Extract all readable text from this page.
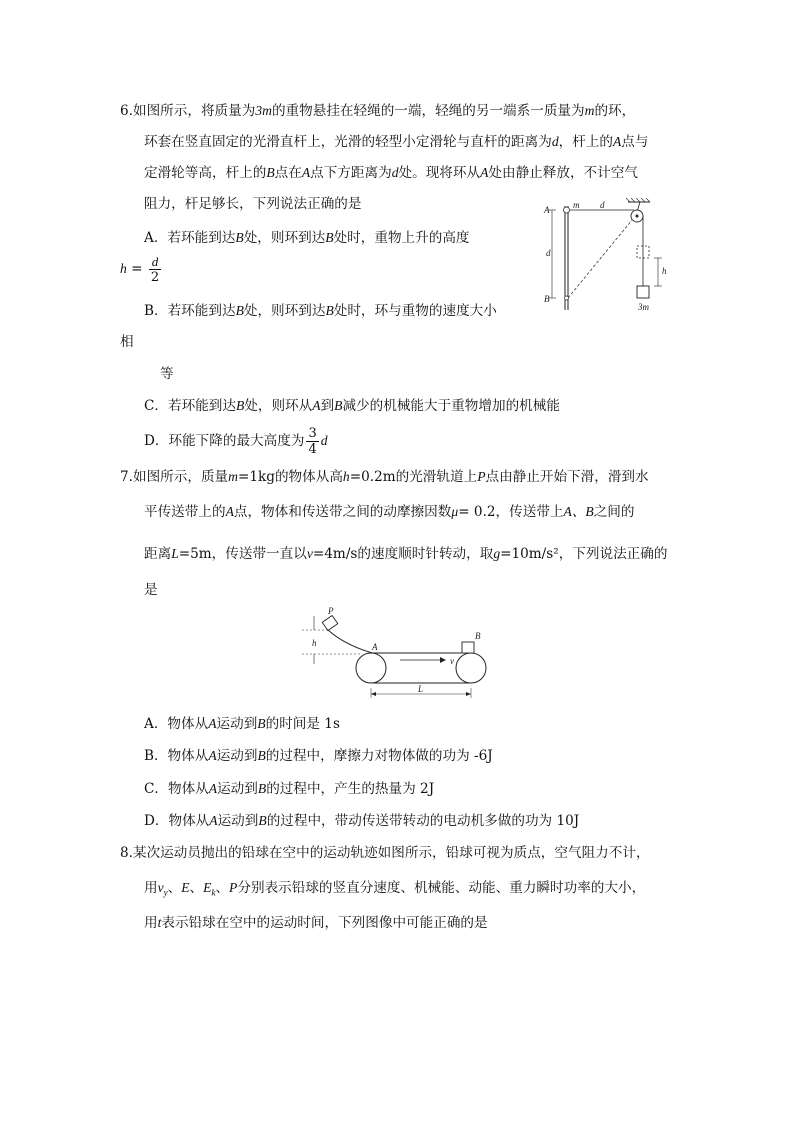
6.如图所示，将质量为3m的重物悬挂在轻绳的一端，轻绳的另一端系一质量为m的环，
环套在竖直固定的光滑直杆上，光滑的轻型小定滑轮与直杆的距离为d，杆上的A点与
定滑轮等高，杆上的B点在A点下方距离为d处。现将环从A处由静止释放，不计空气
阻力，杆足够长，下列说法正确的是
A．若环能到达B处，则环到达B处时，重物上升的高度
$h = \frac{d}{2}$
B．若环能到达B处，则环到达B处时，环与重物的速度大小
相
等
C．若环能到达B处，则环从A到B减少的机械能大于重物增加的机械能
D．环能下降的最大高度为 $\frac{3}{4}$ d
A	m d
d
B
h
3m
7.如图所示，质量m=1kg的物体从高h=0.2m的光滑轨道上P点由静止开始下滑，滑到水
平传送带上的A点，物体和传送带之间的动摩擦因数μ= 0.2，传送带上A、B之间的
距离L=5m，传送带一直以v=4m/s的速度顺时针转动，取g=10m/s²，下列说法正确的
是
P
h	A
B
v
L
A．物体从A运动到B的时间是 1s
B．物体从A运动到B的过程中，摩擦力对物体做的功为 -6J
C．物体从A运动到B的过程中，产生的热量为 2J
D．物体从A运动到B的过程中，带动传送带转动的电动机多做的功为 10J
8.某次运动员抛出的铅球在空中的运动轨迹如图所示，铅球可视为质点，空气阻力不计，
用$v_y$、E、$E_k$、P分别表示铅球的竖直分速度、机械能、动能、重力瞬时功率的大小，
用t表示铅球在空中的运动时间，下列图像中可能正确的是
